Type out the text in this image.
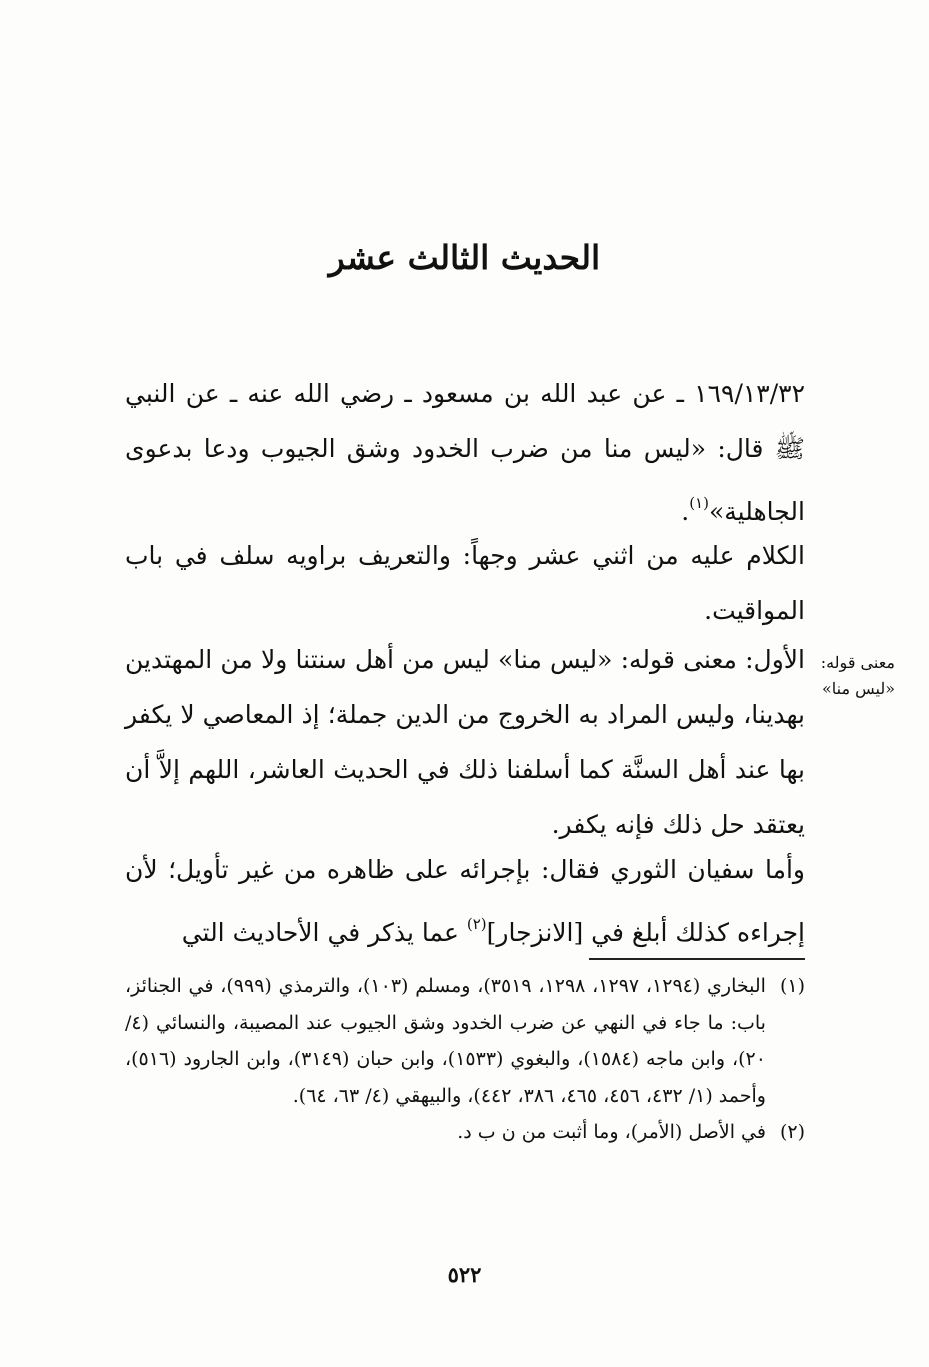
الحديث الثالث عشر

١٦٩/١٣/٣٢ ـ عن عبد الله بن مسعود ـ رضي الله عنه ـ عن النبي ﷺ قال: «ليس منا من ضرب الخدود وشق الجيوب ودعا بدعوى الجاهلية»$^{(١)}$.

الكلام عليه من اثني عشر وجهاً: والتعريف براويه سلف في باب المواقيت.

الأول: معنى قوله: «ليس منا» ليس من أهل سنتنا ولا من المهتدين بهدينا، وليس المراد به الخروج من الدين جملة؛ إذ المعاصي لا يكفر بها عند أهل السنَّة كما أسلفنا ذلك في الحديث العاشر، اللهم إلاَّ أن يعتقد حل ذلك فإنه يكفر.

معنى قوله:
«ليس منا»

وأما سفيان الثوري فقال: بإجرائه على ظاهره من غير تأويل؛ لأن إجراءه كذلك أبلغ في [الانزجار]$^{(٢)}$ عما يذكر في الأحاديث التي

(١)
البخاري (١٢٩٤، ١٢٩٧، ١٢٩٨، ٣٥١٩)، ومسلم (١٠٣)، والترمذي (٩٩٩)، في الجنائز، باب: ما جاء في النهي عن ضرب الخدود وشق الجيوب عند المصيبة، والنسائي (٤/ ٢٠)، وابن ماجه (١٥٨٤)، والبغوي (١٥٣٣)، وابن حبان (٣١٤٩)، وابن الجارود (٥١٦)، وأحمد (١/ ٤٣٢، ٤٥٦، ٤٦٥، ٣٨٦، ٤٤٢)، والبيهقي (٤/ ٦٣، ٦٤).
(٢)
في الأصل (الأمر)، وما أثبت من ن ب د.
٥٢٢
